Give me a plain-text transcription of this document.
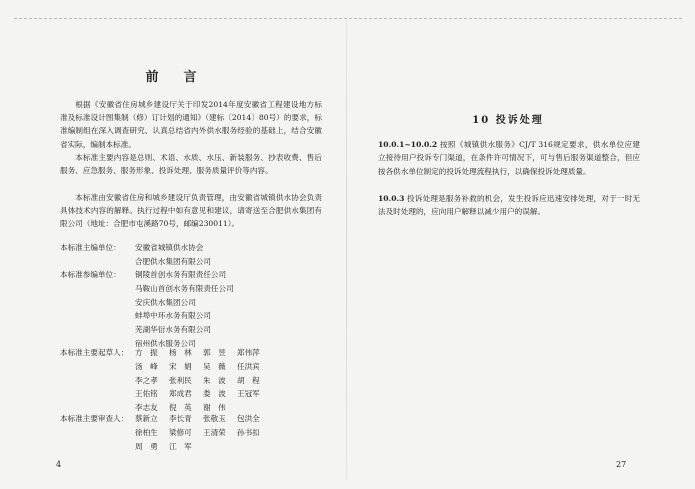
前　言

根据《安徽省住房城乡建设厅关于印发2014年度安徽省工程建设地方标准及标准设计图集制（修）订计划的通知》（建标〔2014〕80号）的要求，标准编制组在深入调查研究、认真总结省内外供水服务经验的基础上，结合安徽省实际，编制本标准。

本标准主要内容是总则、术语、水质、水压、新装服务、抄表收费、售后服务、应急服务、服务形象、投诉处理、服务质量评价等内容。

本标准由安徽省住房和城乡建设厅负责管理，由安徽省城镇供水协会负责具体技术内容的解释。执行过程中如有意见和建议，请寄送至合肥供水集团有限公司（地址：合肥市屯溪路70号，邮编230011）。

本标准主编单位：	安徽省城镇供水协会
合肥供水集团有限公司
本标准参编单位：	铜陵首创水务有限责任公司
马鞍山首创水务有限责任公司
安庆供水集团公司
蚌埠中环水务有限公司
芜湖华衍水务有限公司
宿州供水服务公司
本标准主要起草人： 方　振	杨　林	郭　昱	郑伟萍
汤　峰	宋　娟	吴　薇	任洪宾
李之孝	张利民	朱　波	胡　程
王佑铭	郑成君	娄　波	王冠军
李志友	倪　英	谢　伟
本标准主要审查人： 蔡新立	李长青	张敬玉	包洪全
徐柏生	梁修可	王清荣	孙书扣
周　勇	江　军
4
10 投诉处理

10.0.1~10.0.2 按照《城镇供水服务》CJ/T 316规定要求，供水单位应建立接待用户投诉专门渠道，在条件许可情况下，可与售后服务渠道整合，但应按各供水单位制定的投诉处理流程执行，以确保投诉处理质量。

10.0.3 投诉处理是服务补救的机会，发生投诉应迅速安排处理，对于一时无法及时处理的，应向用户解释以减少用户的误解。

27
